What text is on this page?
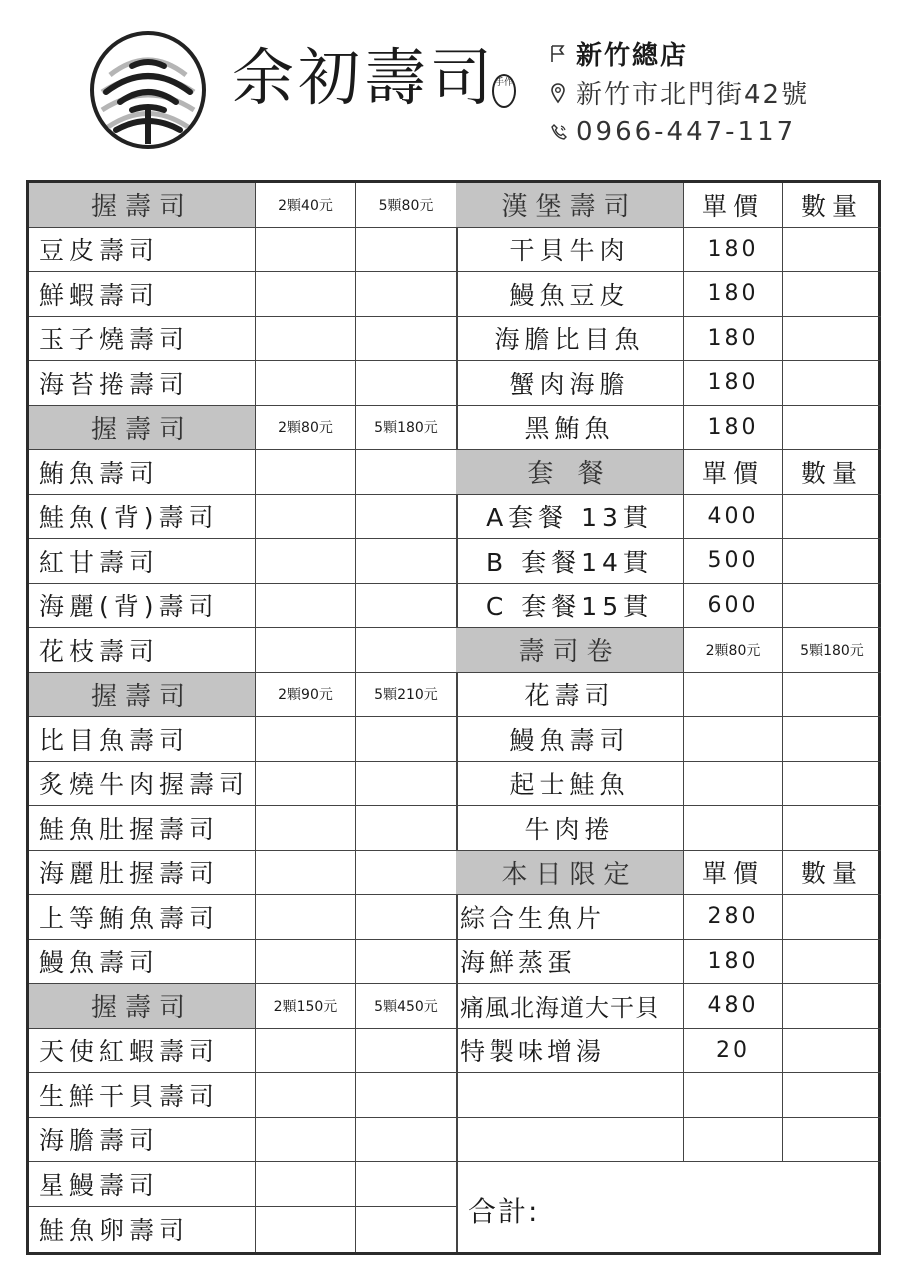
余初壽司
手作
新竹總店
新竹市北門街42號
0966-447-117
握壽司	2顆40元	5顆80元
豆皮壽司
鮮蝦壽司
玉子燒壽司
海苔捲壽司
握壽司	2顆80元	5顆180元
鮪魚壽司
鮭魚(背)壽司
紅甘壽司
海麗(背)壽司
花枝壽司
握壽司	2顆90元	5顆210元
比目魚壽司
炙燒牛肉握壽司
鮭魚肚握壽司
海麗肚握壽司
上等鮪魚壽司
鰻魚壽司
握壽司	2顆150元	5顆450元
天使紅蝦壽司
生鮮干貝壽司
海膽壽司
星鰻壽司
鮭魚卵壽司
漢堡壽司	單價	數量
干貝牛肉	180
鰻魚豆皮	180
海膽比目魚	180
蟹肉海膽	180
黑鮪魚	180
套 餐	單價	數量
A套餐 13貫	400
B 套餐14貫	500
C 套餐15貫	600
壽司卷	2顆80元	5顆180元
花壽司
鰻魚壽司
起士鮭魚
牛肉捲
本日限定	單價	數量
綜合生魚片	280
海鮮蒸蛋	180
痛風北海道大干貝	480
特製味增湯	20
合計:
